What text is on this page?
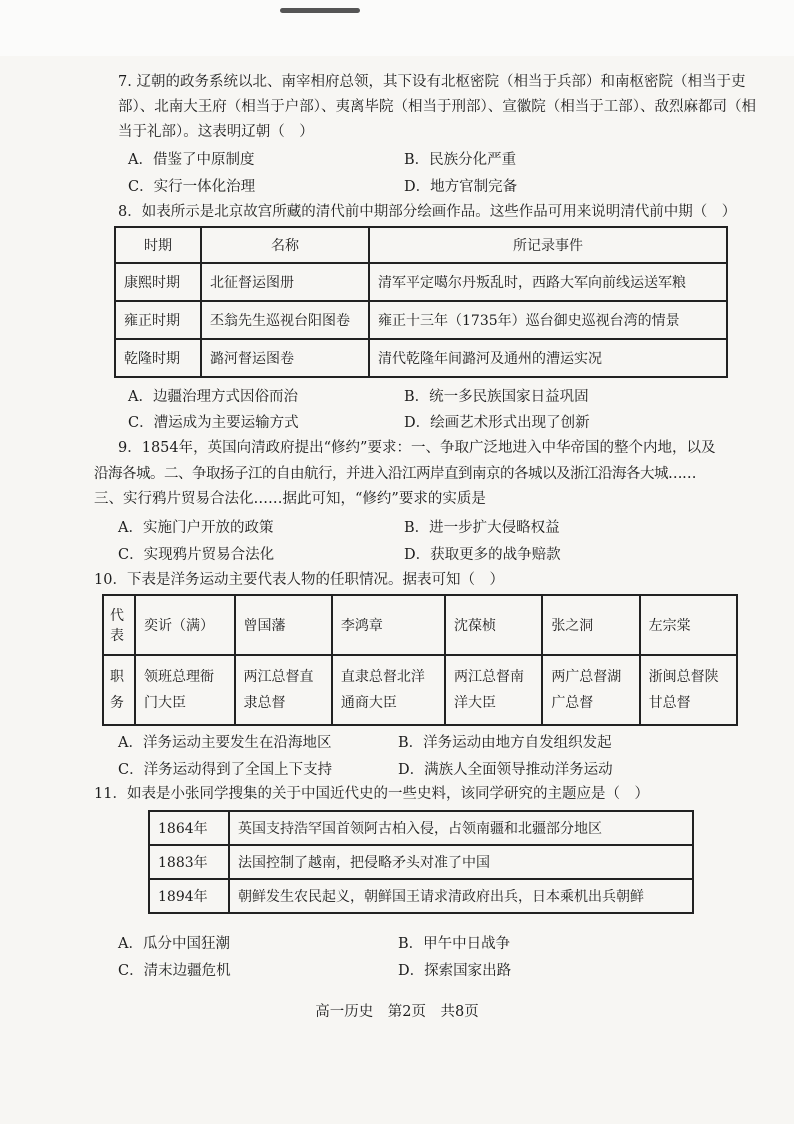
7. 辽朝的政务系统以北、南宰相府总领，其下设有北枢密院（相当于兵部）和南枢密院（相当于吏部）、北南大王府（相当于户部）、夷离毕院（相当于刑部）、宣徽院（相当于工部）、敌烈麻都司（相当于礼部）。这表明辽朝（　）

A．借鉴了中原制度	B．民族分化严重
C．实行一体化治理	D．地方官制完备

8．如表所示是北京故宫所藏的清代前中期部分绘画作品。这些作品可用来说明清代前中期（　）

时期	名称	所记录事件
康熙时期	北征督运图册	清军平定噶尔丹叛乱时，西路大军向前线运送军粮
雍正时期	丕翁先生巡视台阳图卷	雍正十三年（1735年）巡台御史巡视台湾的情景
乾隆时期	潞河督运图卷	清代乾隆年间潞河及通州的漕运实况
A．边疆治理方式因俗而治	B．统一多民族国家日益巩固
C．漕运成为主要运输方式	D．绘画艺术形式出现了创新

9．1854年，英国向清政府提出“修约”要求：一、争取广泛地进入中华帝国的整个内地，以及

沿海各城。二、争取扬子江的自由航行，并进入沿江两岸直到南京的各城以及浙江沿海各大城……

三、实行鸦片贸易合法化……据此可知，“修约”要求的实质是

A．实施门户开放的政策	B．进一步扩大侵略权益
C．实现鸦片贸易合法化	D．获取更多的战争赔款

10．下表是洋务运动主要代表人物的任职情况。据表可知（　）

代表	奕䜣（满）	曾国藩	李鸿章	沈葆桢	张之洞	左宗棠
职务	领班总理衙门大臣	两江总督直隶总督	直隶总督北洋通商大臣	两江总督南洋大臣	两广总督湖广总督	浙闽总督陕甘总督
A．洋务运动主要发生在沿海地区	B．洋务运动由地方自发组织发起
C．洋务运动得到了全国上下支持	D．满族人全面领导推动洋务运动

11．如表是小张同学搜集的关于中国近代史的一些史料，该同学研究的主题应是（　）

1864年	英国支持浩罕国首领阿古柏入侵，占领南疆和北疆部分地区
1883年	法国控制了越南，把侵略矛头对准了中国
1894年	朝鲜发生农民起义，朝鲜国王请求清政府出兵，日本乘机出兵朝鲜
A．瓜分中国狂潮	B．甲午中日战争
C．清末边疆危机	D．探索国家出路
高一历史　第2页　共8页
